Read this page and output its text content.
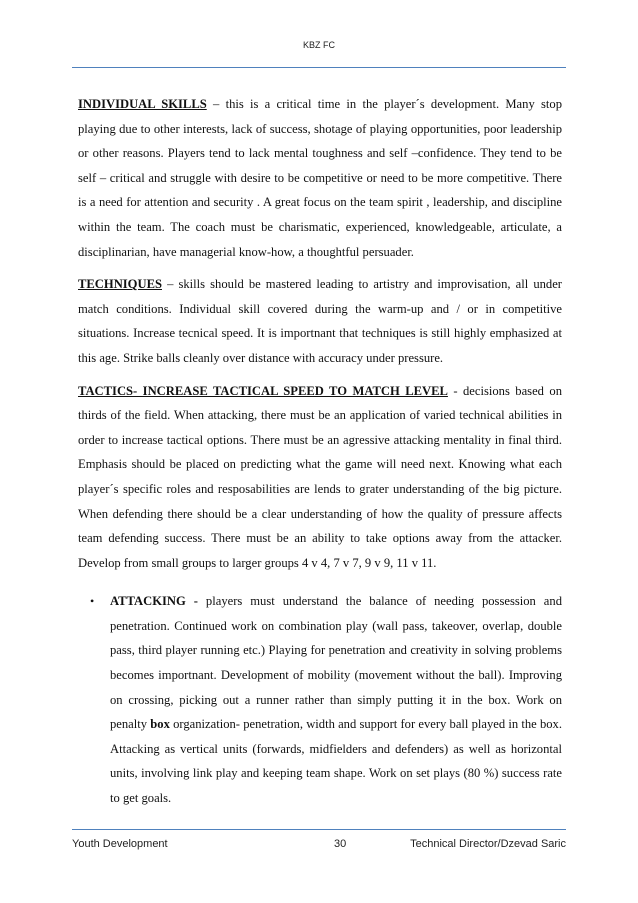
KBZ FC

INDIVIDUAL SKILLS – this is a critical time in the player´s development. Many stop playing due to other interests, lack of success, shotage of playing opportunities, poor leadership or other reasons. Players tend to lack mental toughness and self –confidence. They tend to be self – critical and struggle with desire to be competitive or need to be more competitive. There is a need for attention and security . A great focus on the team spirit , leadership, and discipline within the team. The coach must be charismatic, experienced, knowledgeable, articulate, a disciplinarian, have managerial know-how, a thoughtful persuader.

TECHNIQUES – skills should be mastered leading to artistry and improvisation, all under match conditions. Individual skill covered during the warm-up and / or in competitive situations. Increase tecnical speed. It is importnant that techniques is still highly emphasized at this age. Strike balls cleanly over distance with accuracy under pressure.

TACTICS- INCREASE TACTICAL SPEED TO MATCH LEVEL - decisions based on thirds of the field. When attacking, there must be an application of varied technical abilities in order to increase tactical options. There must be an agressive attacking mentality in final third. Emphasis should be placed on predicting what the game will need next. Knowing what each player´s specific roles and resposabilities are lends to grater understanding of the big picture. When defending there should be a clear understanding of how the quality of pressure affects team defending success. There must be an ability to take options away from the attacker. Develop from small groups to larger groups 4 v 4, 7 v 7, 9 v 9, 11 v 11.

• ATTACKING - players must understand the balance of needing possession and penetration. Continued work on combination play (wall pass, takeover, overlap, double pass, third player running etc.) Playing for penetration and creativity in solving problems becomes importnant. Development of mobility (movement without the ball). Improving on crossing, picking out a runner rather than simply putting it in the box. Work on penalty box organization- penetration, width and support for every ball played in the box. Attacking as vertical units (forwards, midfielders and defenders) as well as horizontal units, involving link play and keeping team shape. Work on set plays (80 %) success rate to get goals.
Youth Development	30	Technical Director/Dzevad Saric
